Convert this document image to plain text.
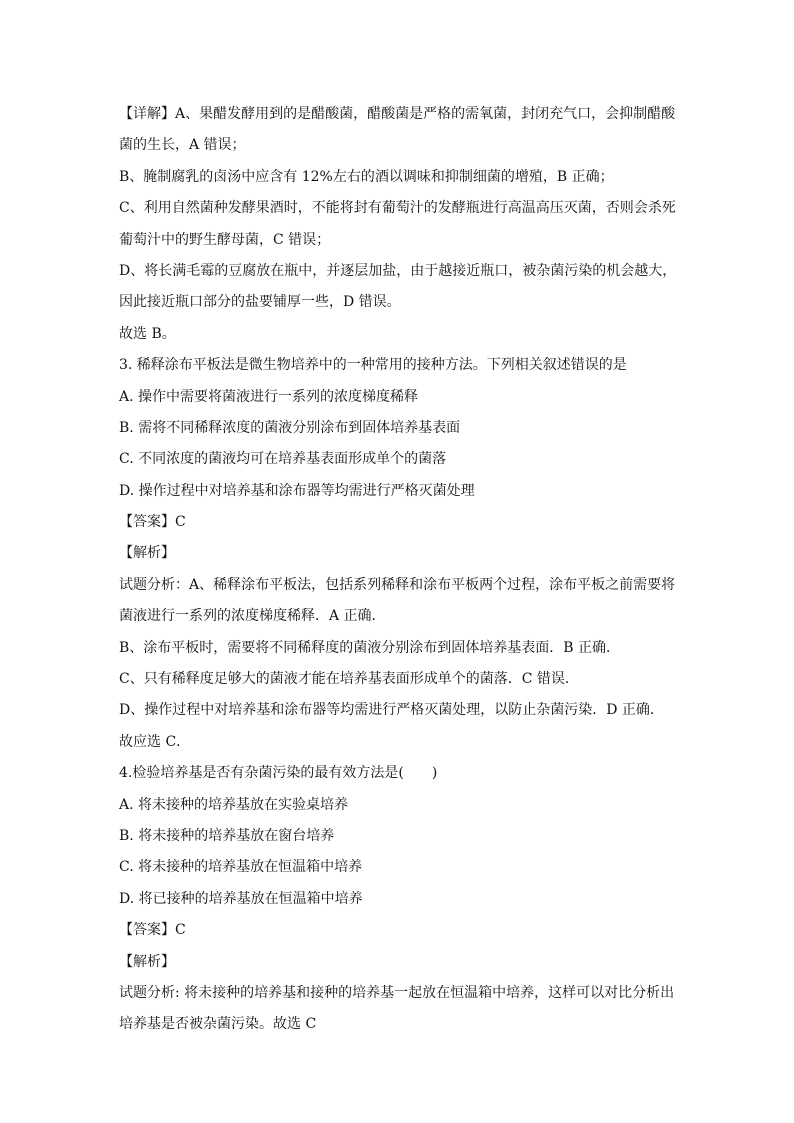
【详解】A、果醋发酵用到的是醋酸菌，醋酸菌是严格的需氧菌，封闭充气口，会抑制醋酸
菌的生长，A 错误；
B、腌制腐乳的卤汤中应含有 12%左右的酒以调味和抑制细菌的增殖，B 正确；
C、利用自然菌种发酵果酒时，不能将封有葡萄汁的发酵瓶进行高温高压灭菌，否则会杀死
葡萄汁中的野生酵母菌，C 错误；
D、将长满毛霉的豆腐放在瓶中，并逐层加盐，由于越接近瓶口，被杂菌污染的机会越大，
因此接近瓶口部分的盐要铺厚一些，D 错误。
故选 B。
3. 稀释涂布平板法是微生物培养中的一种常用的接种方法。下列相关叙述错误的是
A. 操作中需要将菌液进行一系列的浓度梯度稀释
B. 需将不同稀释浓度的菌液分别涂布到固体培养基表面
C. 不同浓度的菌液均可在培养基表面形成单个的菌落
D. 操作过程中对培养基和涂布器等均需进行严格灭菌处理
【答案】C
【解析】
试题分析：A、稀释涂布平板法，包括系列稀释和涂布平板两个过程，涂布平板之前需要将
菌液进行一系列的浓度梯度稀释．A 正确．
B、涂布平板时，需要将不同稀释度的菌液分别涂布到固体培养基表面．B 正确．
C、只有稀释度足够大的菌液才能在培养基表面形成单个的菌落．C 错误．
D、操作过程中对培养基和涂布器等均需进行严格灭菌处理，以防止杂菌污染．D 正确．
故应选 C．
4.检验培养基是否有杂菌污染的最有效方法是(　　)
A. 将未接种的培养基放在实验桌培养
B. 将未接种的培养基放在窗台培养
C. 将未接种的培养基放在恒温箱中培养
D. 将已接种的培养基放在恒温箱中培养
【答案】C
【解析】
试题分析: 将未接种的培养基和接种的培养基一起放在恒温箱中培养，这样可以对比分析出
培养基是否被杂菌污染。故选 C
